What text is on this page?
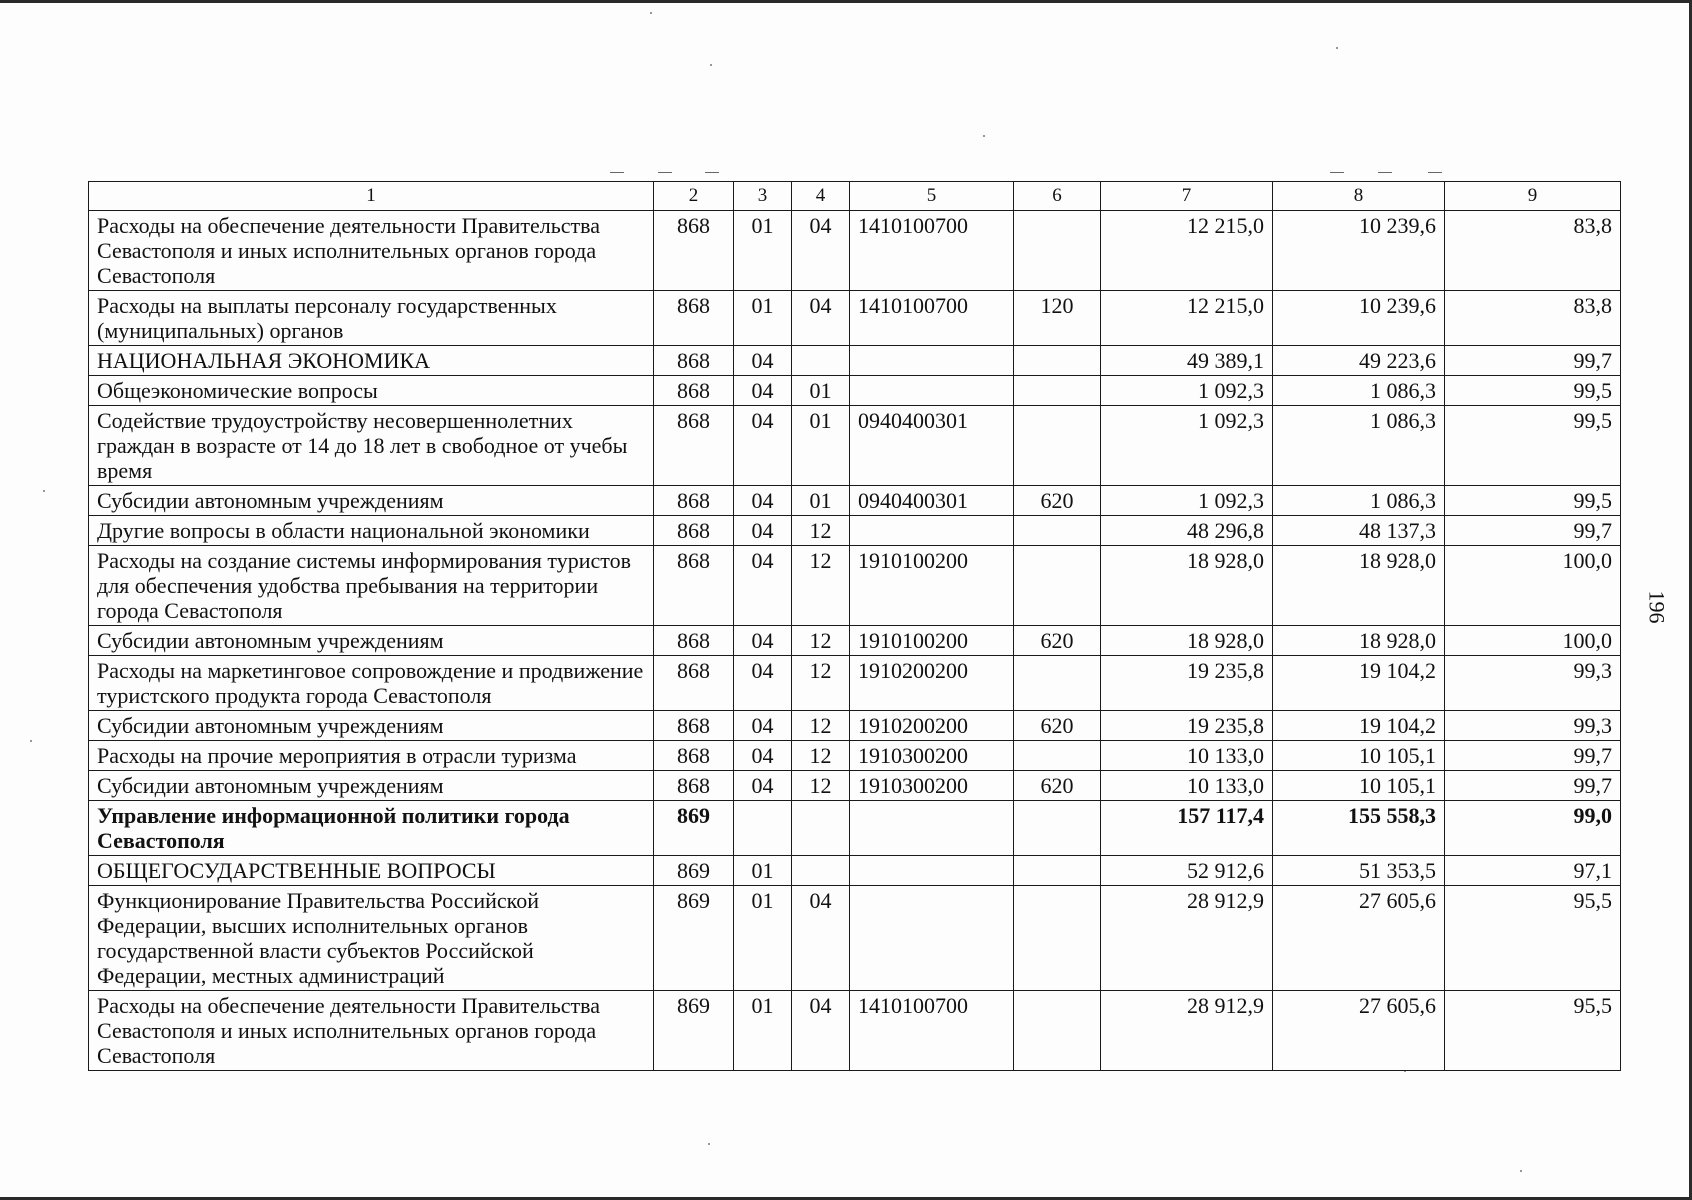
1	2	3	4	5	6	7	8	9
Расходы на обеспечение деятельности Правительства Севастополя и иных исполнительных органов города Севастополя	868	01	04	1410100700		12 215,0	10 239,6	83,8
Расходы на выплаты персоналу государственных (муниципальных) органов	868	01	04	1410100700	120	12 215,0	10 239,6	83,8
НАЦИОНАЛЬНАЯ ЭКОНОМИКА	868	04				49 389,1	49 223,6	99,7
Общеэкономические вопросы	868	04	01			1 092,3	1 086,3	99,5
Содействие трудоустройству несовершеннолетних граждан в возрасте от 14 до 18 лет в свободное от учебы время	868	04	01	0940400301		1 092,3	1 086,3	99,5
Субсидии автономным учреждениям	868	04	01	0940400301	620	1 092,3	1 086,3	99,5
Другие вопросы в области национальной экономики	868	04	12			48 296,8	48 137,3	99,7
Расходы на создание системы информирования туристов для обеспечения удобства пребывания на территории города Севастополя	868	04	12	1910100200		18 928,0	18 928,0	100,0
Субсидии автономным учреждениям	868	04	12	1910100200	620	18 928,0	18 928,0	100,0
Расходы на маркетинговое сопровождение и продвижение туристского продукта города Севастополя	868	04	12	1910200200		19 235,8	19 104,2	99,3
Субсидии автономным учреждениям	868	04	12	1910200200	620	19 235,8	19 104,2	99,3
Расходы на прочие мероприятия в отрасли туризма	868	04	12	1910300200		10 133,0	10 105,1	99,7
Субсидии автономным учреждениям	868	04	12	1910300200	620	10 133,0	10 105,1	99,7
Управление информационной политики города Севастополя	869					157 117,4	155 558,3	99,0
ОБЩЕГОСУДАРСТВЕННЫЕ ВОПРОСЫ	869	01				52 912,6	51 353,5	97,1
Функционирование Правительства Российской Федерации, высших исполнительных органов государственной власти субъектов Российской Федерации, местных администраций	869	01	04			28 912,9	27 605,6	95,5
Расходы на обеспечение деятельности Правительства Севастополя и иных исполнительных органов города Севастополя	869	01	04	1410100700		28 912,9	27 605,6	95,5
196
